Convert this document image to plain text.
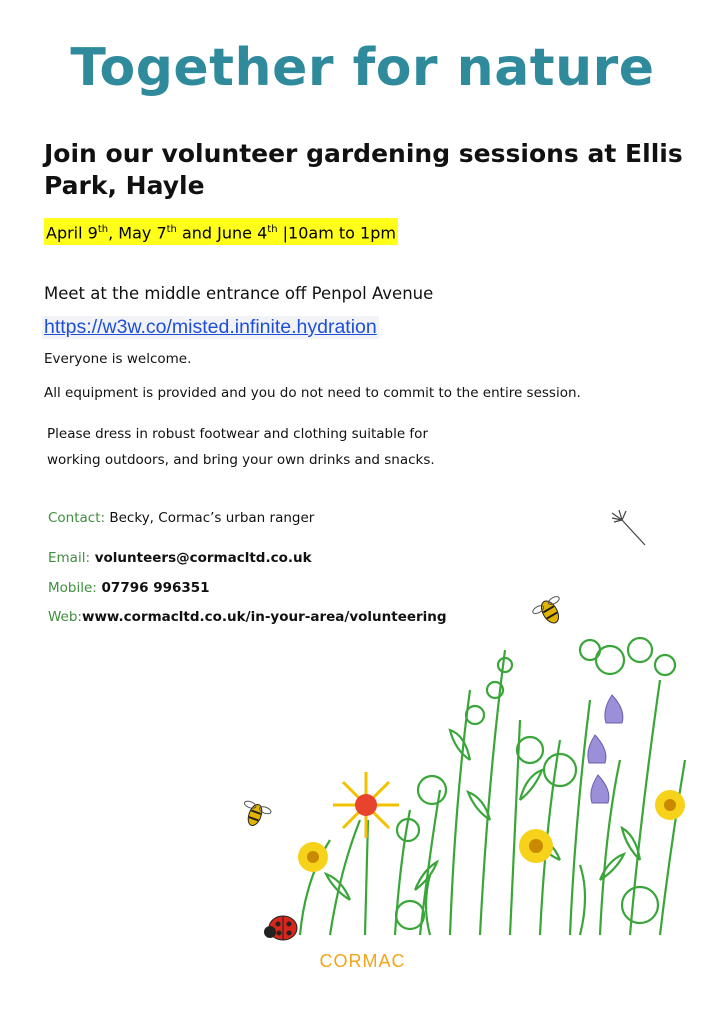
Together for nature
Join our volunteer gardening sessions at Ellis Park, Hayle
April 9th, May 7th and June 4th |10am to 1pm
Meet at the middle entrance off Penpol Avenue
https://w3w.co/misted.infinite.hydration
Everyone is welcome.
All equipment is provided and you do not need to commit to the entire session.
Please dress in robust footwear and clothing suitable for working outdoors, and bring your own drinks and snacks.
Contact: Becky, Cormac’s urban ranger
Email: volunteers@cormacltd.co.uk
Mobile: 07796 996351
Web:www.cormacltd.co.uk/in-your-area/volunteering
CORMAC
